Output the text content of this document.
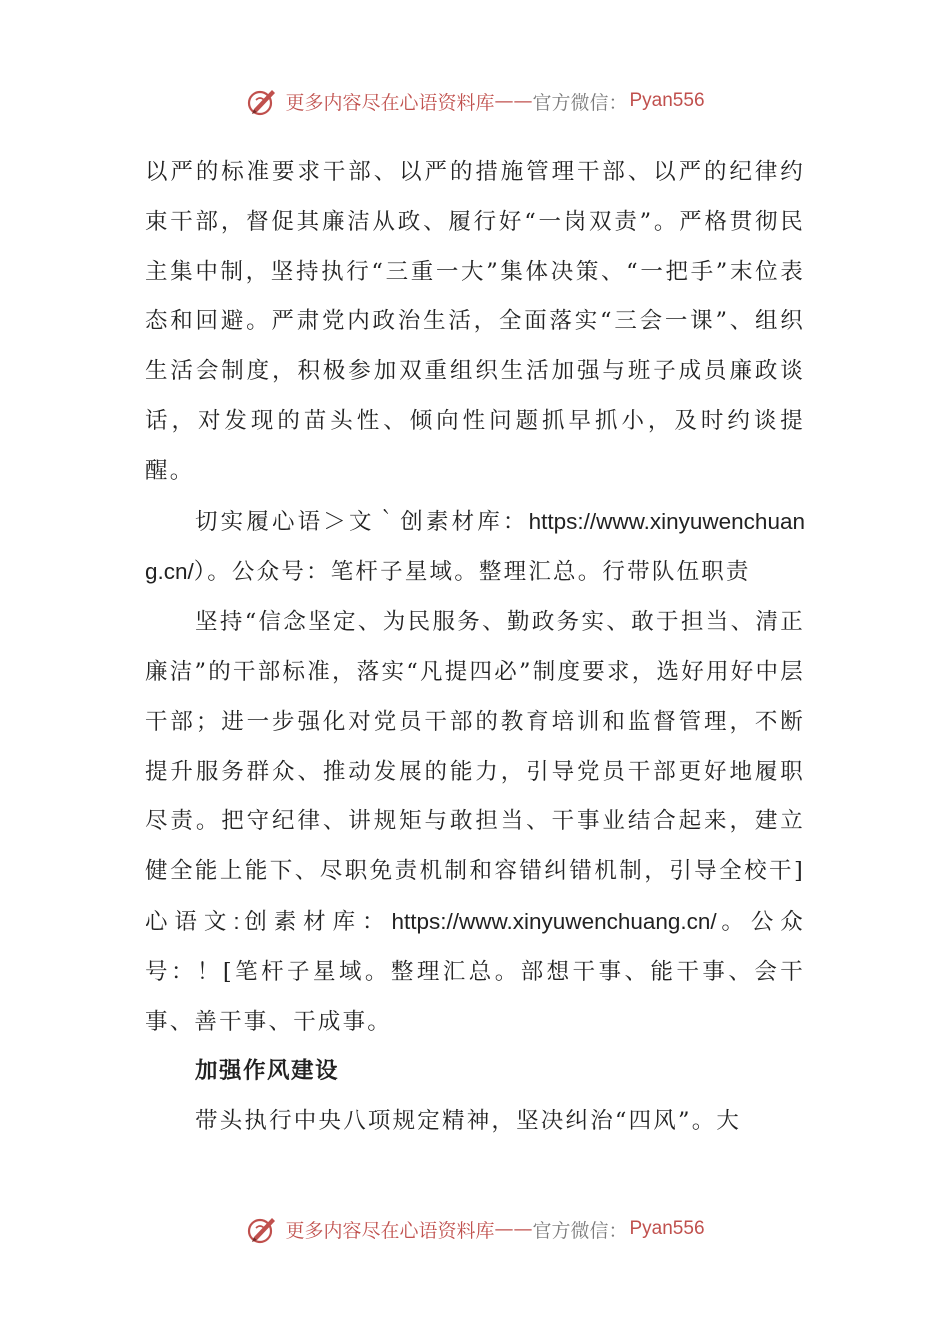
更多内容尽在心语资料库 —— 官方微信： Pyan556

以严的标准要求干部、以严的措施管理干部、以严的纪律约束干部，督促其廉洁从政、履行好“一岗双责”。严格贯彻民主集中制，坚持执行“三重一大”集体决策、“一把手”末位表态和回避。严肃党内政治生活，全面落实“三会一课”、组织生活会制度，积极参加双重组织生活加强与班子成员廉政谈话，对发现的苗头性、倾向性问题抓早抓小，及时约谈提醒。

切实履心语＞文｀创素材库：https://www.xinyuwenchuang.cn/）。公众号：笔杆子星域。整理汇总。行带队伍职责

坚持“信念坚定、为民服务、勤政务实、敢于担当、清正廉洁”的干部标准，落实“凡提四必”制度要求，选好用好中层干部；进一步强化对党员干部的教育培训和监督管理，不断提升服务群众、推动发展的能力，引导党员干部更好地履职尽责。把守纪律、讲规矩与敢担当、干事业结合起来，建立健全能上能下、尽职免责机制和容错纠错机制，引导全校干]心语文:创素材库：https://www.xinyuwenchuang.cn/。公众号：！[笔杆子星域。整理汇总。部想干事、能干事、会干事、善干事、干成事。

加强作风建设

带头执行中央八项规定精神，坚决纠治“四风”。大

更多内容尽在心语资料库 —— 官方微信： Pyan556
